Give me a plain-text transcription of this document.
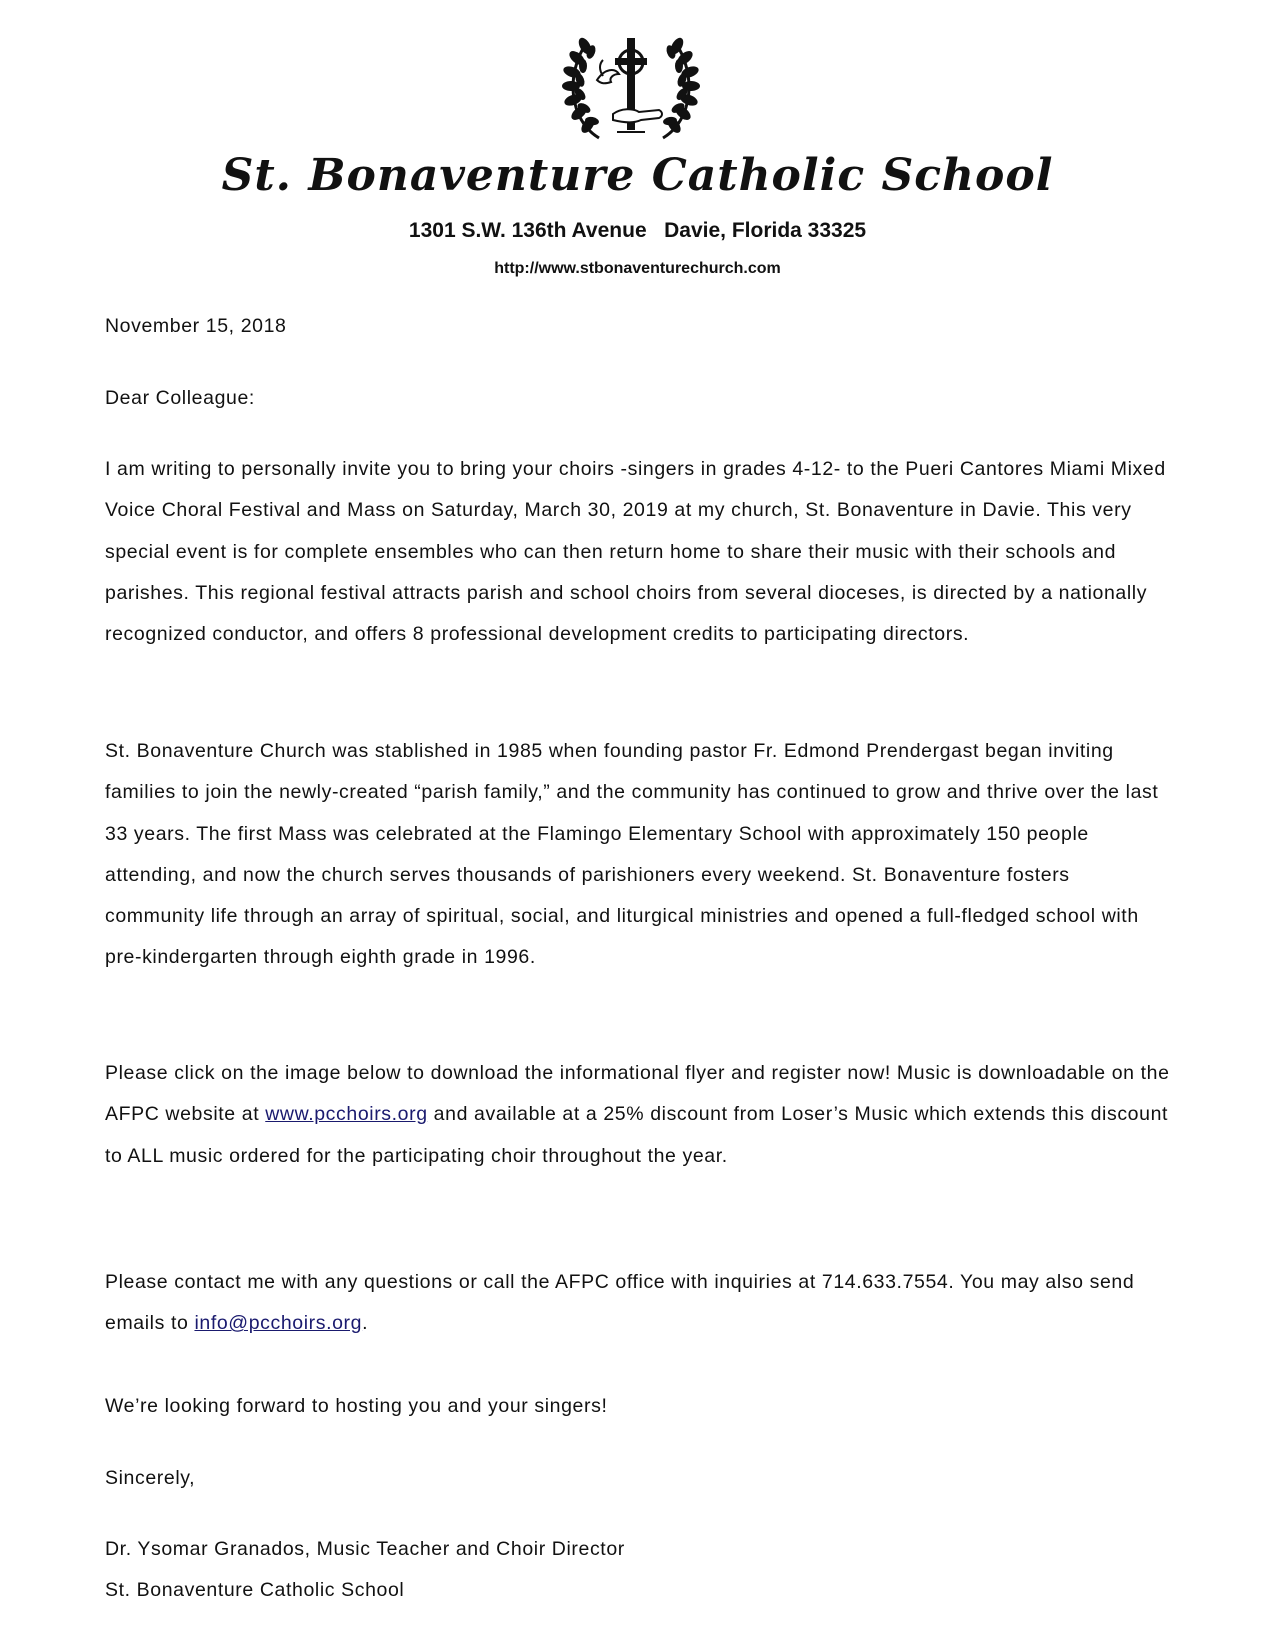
St. Bonaventure Catholic School
1301 S.W. 136th Avenue   Davie, Florida 33325
http://www.stbonaventurechurch.com

November 15, 2018

Dear Colleague:

I am writing to personally invite you to bring your choirs -singers in grades 4-12- to the Pueri Cantores Miami Mixed Voice Choral Festival and Mass on Saturday, March 30, 2019 at my church, St. Bonaventure in Davie. This very special event is for complete ensembles who can then return home to share their music with their schools and parishes. This regional festival attracts parish and school choirs from several dioceses, is directed by a nationally recognized conductor, and offers 8 professional development credits to participating directors.

St. Bonaventure Church was stablished in 1985 when founding pastor Fr. Edmond Prendergast began inviting families to join the newly-created “parish family,” and the community has continued to grow and thrive over the last 33 years. The first Mass was celebrated at the Flamingo Elementary School with approximately 150 people attending, and now the church serves thousands of parishioners every weekend. St. Bonaventure fosters community life through an array of spiritual, social, and liturgical ministries and opened a full-fledged school with pre-kindergarten through eighth grade in 1996.

Please click on the image below to download the informational flyer and register now! Music is downloadable on the AFPC website at www.pcchoirs.org and available at a 25% discount from Loser’s Music which extends this discount to ALL music ordered for the participating choir throughout the year.

Please contact me with any questions or call the AFPC office with inquiries at 714.633.7554. You may also send emails to info@pcchoirs.org.

We’re looking forward to hosting you and your singers!

Sincerely,

Dr. Ysomar Granados, Music Teacher and Choir Director

St. Bonaventure Catholic School
